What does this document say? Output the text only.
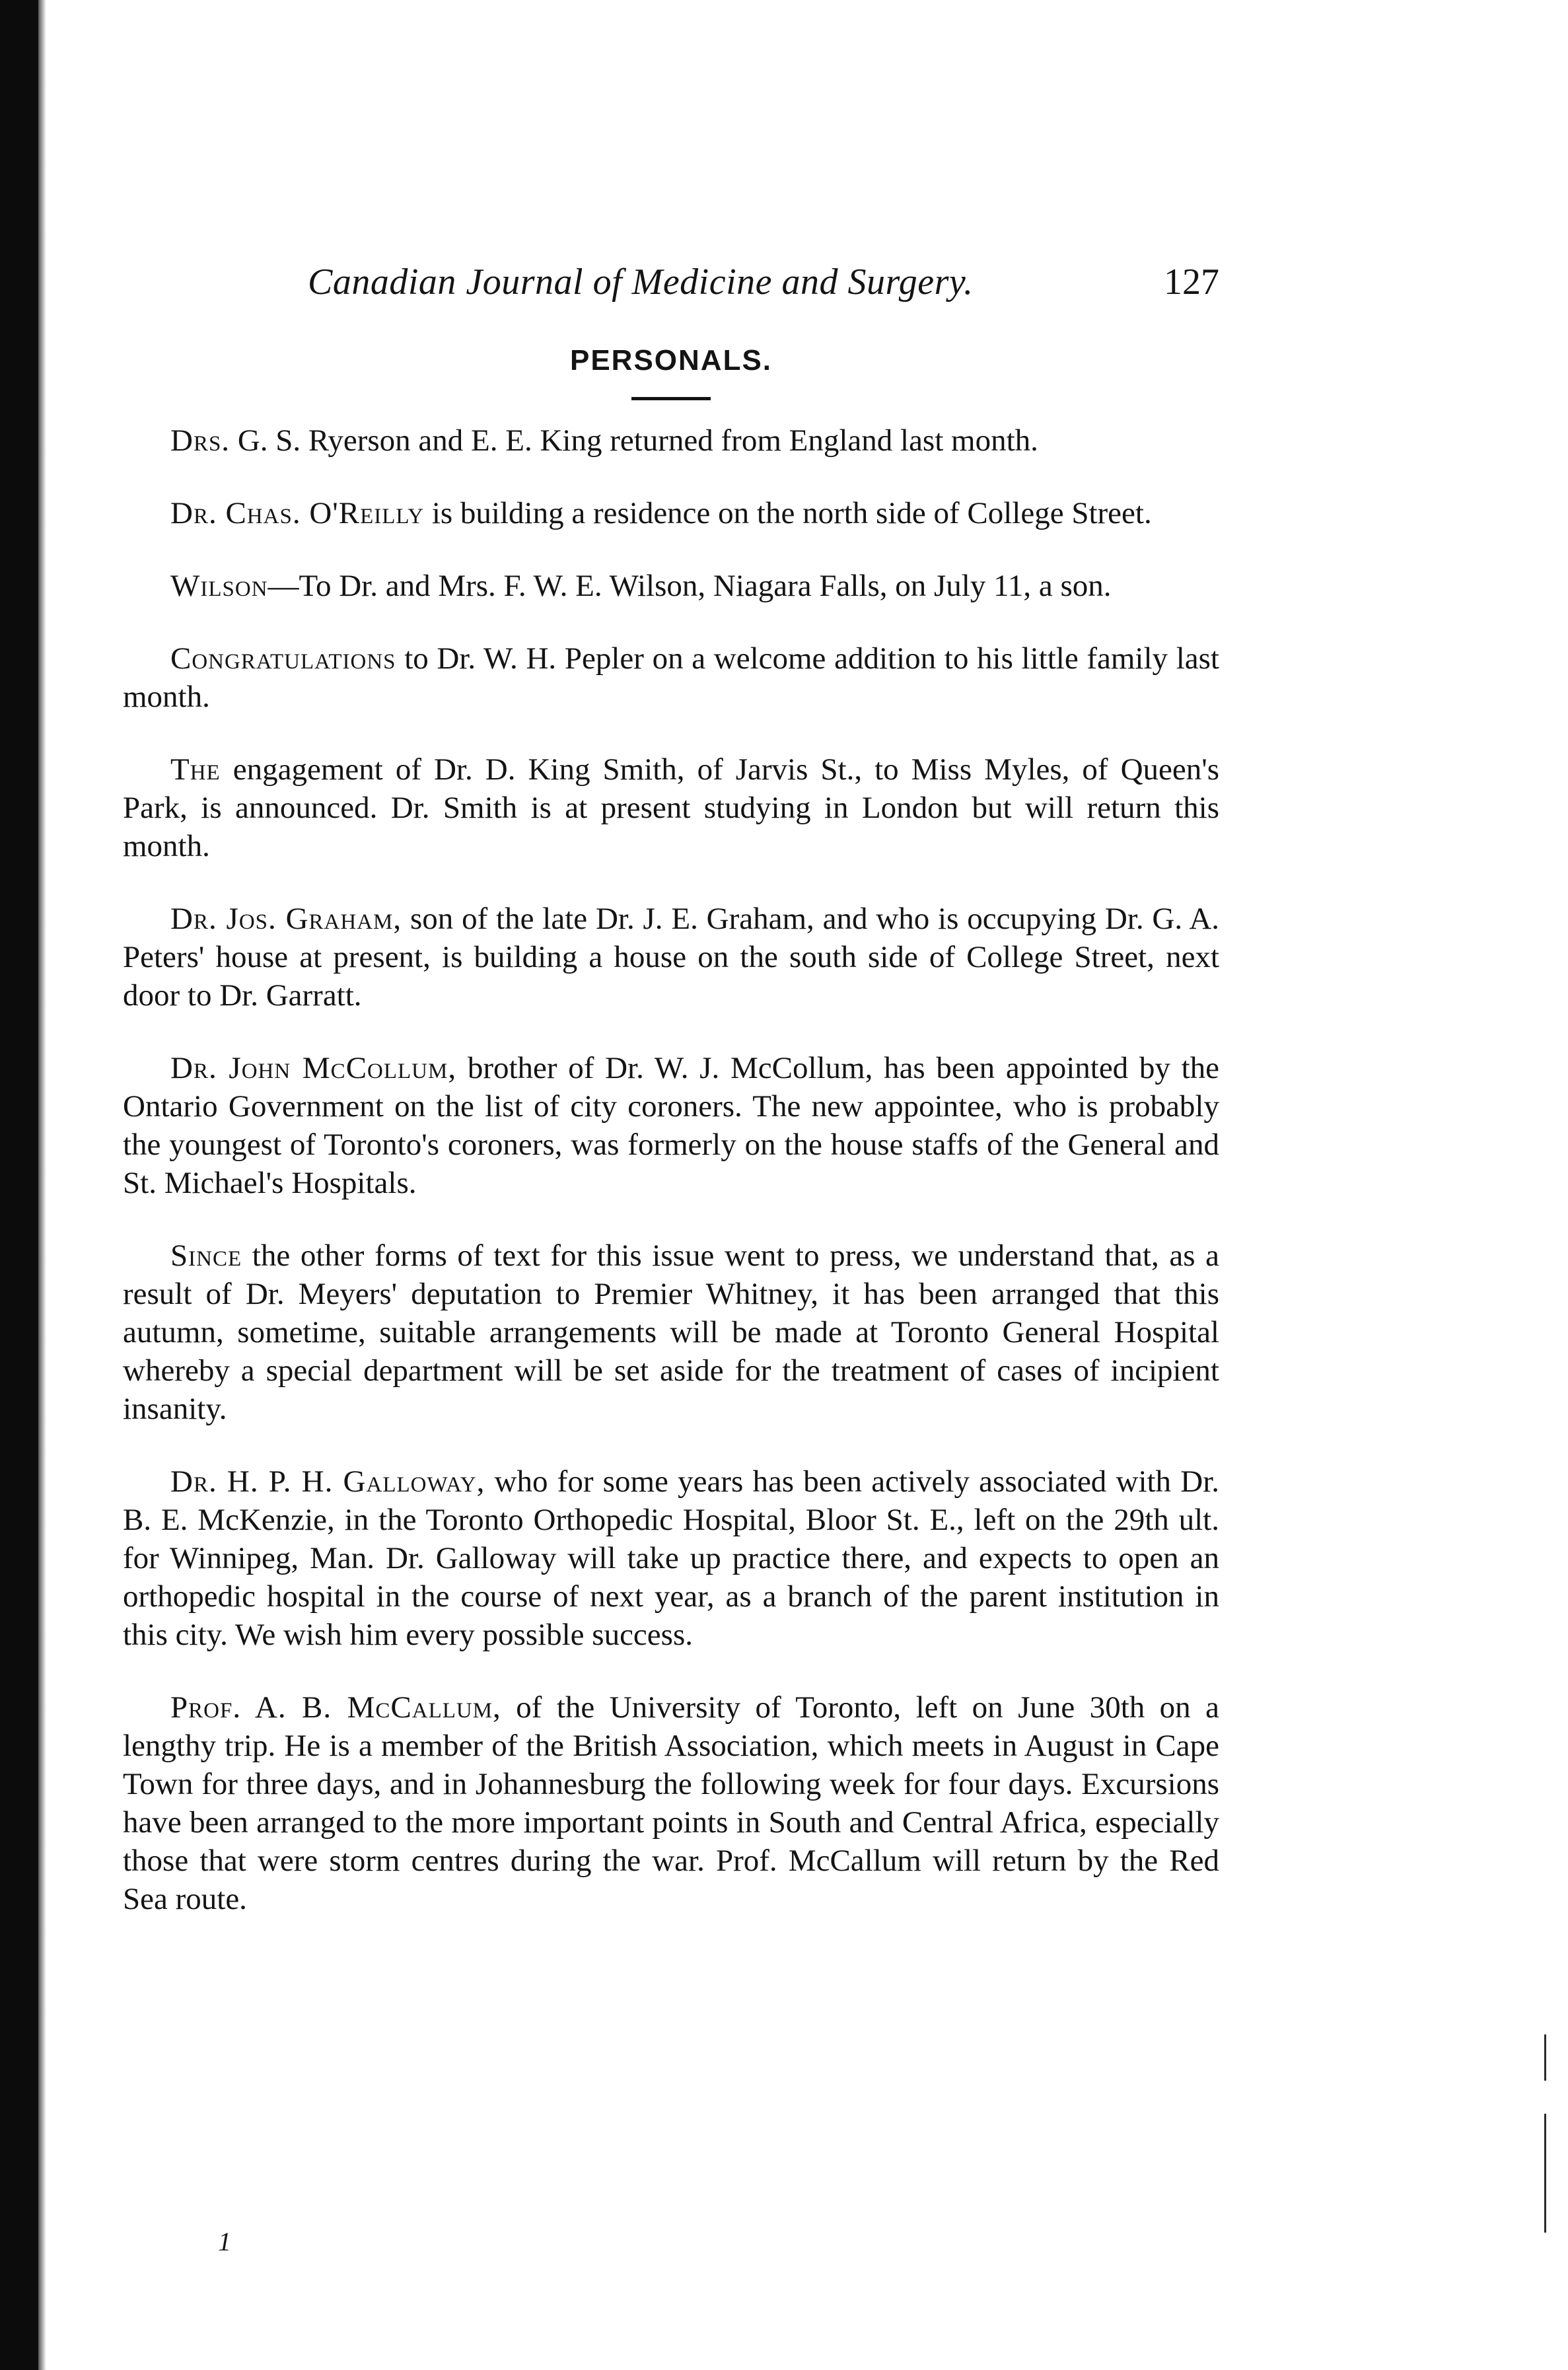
Canadian Journal of Medicine and Surgery.	127
PERSONALS.

Drs. G. S. Ryerson and E. E. King returned from England last month.

Dr. Chas. O'Reilly is building a residence on the north side of College Street.

Wilson—To Dr. and Mrs. F. W. E. Wilson, Niagara Falls, on July 11, a son.

Congratulations to Dr. W. H. Pepler on a welcome addition to his little family last month.

The engagement of Dr. D. King Smith, of Jarvis St., to Miss Myles, of Queen's Park, is announced. Dr. Smith is at present studying in London but will return this month.

Dr. Jos. Graham, son of the late Dr. J. E. Graham, and who is occupying Dr. G. A. Peters' house at present, is building a house on the south side of College Street, next door to Dr. Garratt.

Dr. John McCollum, brother of Dr. W. J. McCollum, has been appointed by the Ontario Government on the list of city coroners. The new appointee, who is probably the youngest of Toronto's coroners, was formerly on the house staffs of the General and St. Michael's Hospitals.

Since the other forms of text for this issue went to press, we understand that, as a result of Dr. Meyers' deputation to Premier Whitney, it has been arranged that this autumn, sometime, suitable arrangements will be made at Toronto General Hospital whereby a special department will be set aside for the treatment of cases of incipient insanity.

Dr. H. P. H. Galloway, who for some years has been actively associated with Dr. B. E. McKenzie, in the Toronto Orthopedic Hospital, Bloor St. E., left on the 29th ult. for Winnipeg, Man. Dr. Galloway will take up practice there, and expects to open an orthopedic hospital in the course of next year, as a branch of the parent institution in this city. We wish him every possible success.

Prof. A. B. McCallum, of the University of Toronto, left on June 30th on a lengthy trip. He is a member of the British Association, which meets in August in Cape Town for three days, and in Johannesburg the following week for four days. Excursions have been arranged to the more important points in South and Central Africa, especially those that were storm centres during the war. Prof. McCallum will return by the Red Sea route.

1
